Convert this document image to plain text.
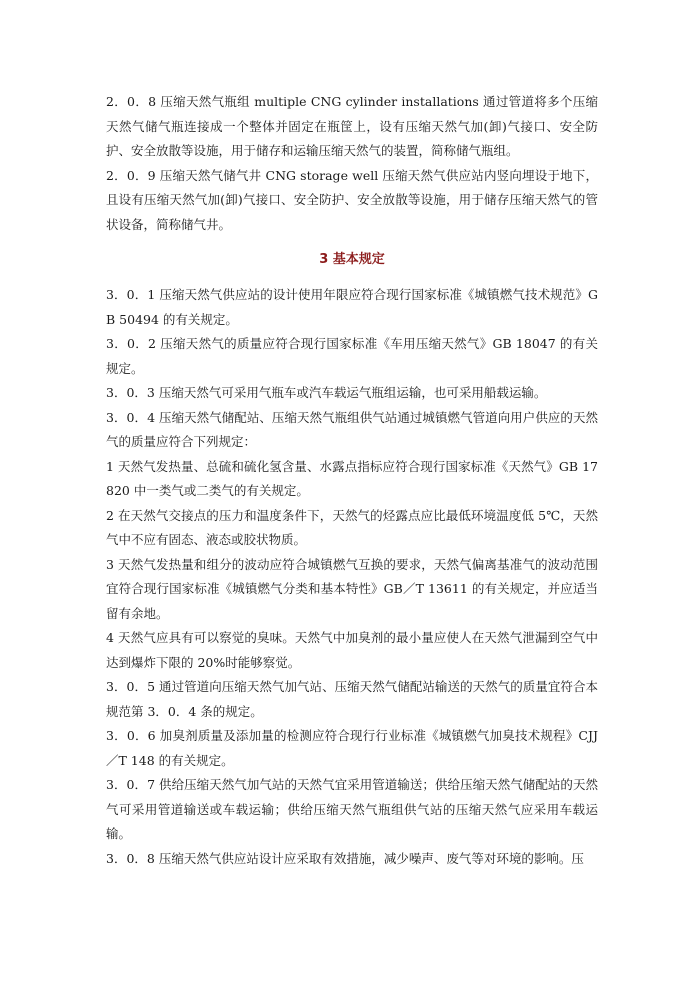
2．0．8 压缩天然气瓶组 multiple CNG cylinder installations 通过管道将多个压缩天然气储气瓶连接成一个整体并固定在瓶筐上，设有压缩天然气加(卸)气接口、安全防护、安全放散等设施，用于储存和运输压缩天然气的装置，简称储气瓶组。

2．0．9 压缩天然气储气井 CNG storage well 压缩天然气供应站内竖向埋设于地下，且设有压缩天然气加(卸)气接口、安全防护、安全放散等设施，用于储存压缩天然气的管状设备，简称储气井。

3 基本规定

3．0．1 压缩天然气供应站的设计使用年限应符合现行国家标准《城镇燃气技术规范》GB 50494 的有关规定。

3．0．2 压缩天然气的质量应符合现行国家标准《车用压缩天然气》GB 18047 的有关规定。

3．0．3 压缩天然气可采用气瓶车或汽车载运气瓶组运输，也可采用船载运输。

3．0．4 压缩天然气储配站、压缩天然气瓶组供气站通过城镇燃气管道向用户供应的天然气的质量应符合下列规定：

1 天然气发热量、总硫和硫化氢含量、水露点指标应符合现行国家标准《天然气》GB 17820 中一类气或二类气的有关规定。

2 在天然气交接点的压力和温度条件下，天然气的烃露点应比最低环境温度低 5℃，天然气中不应有固态、液态或胶状物质。

3 天然气发热量和组分的波动应符合城镇燃气互换的要求，天然气偏离基准气的波动范围宜符合现行国家标准《城镇燃气分类和基本特性》GB／T 13611 的有关规定，并应适当留有余地。

4 天然气应具有可以察觉的臭味。天然气中加臭剂的最小量应使人在天然气泄漏到空气中达到爆炸下限的 20%时能够察觉。

3．0．5 通过管道向压缩天然气加气站、压缩天然气储配站输送的天然气的质量宜符合本规范第 3．0．4 条的规定。

3．0．6 加臭剂质量及添加量的检测应符合现行行业标准《城镇燃气加臭技术规程》CJJ／T 148 的有关规定。

3．0．7 供给压缩天然气加气站的天然气宜采用管道输送；供给压缩天然气储配站的天然气可采用管道输送或车载运输；供给压缩天然气瓶组供气站的压缩天然气应采用车载运输。

3．0．8 压缩天然气供应站设计应采取有效措施，减少噪声、废气等对环境的影响。压
